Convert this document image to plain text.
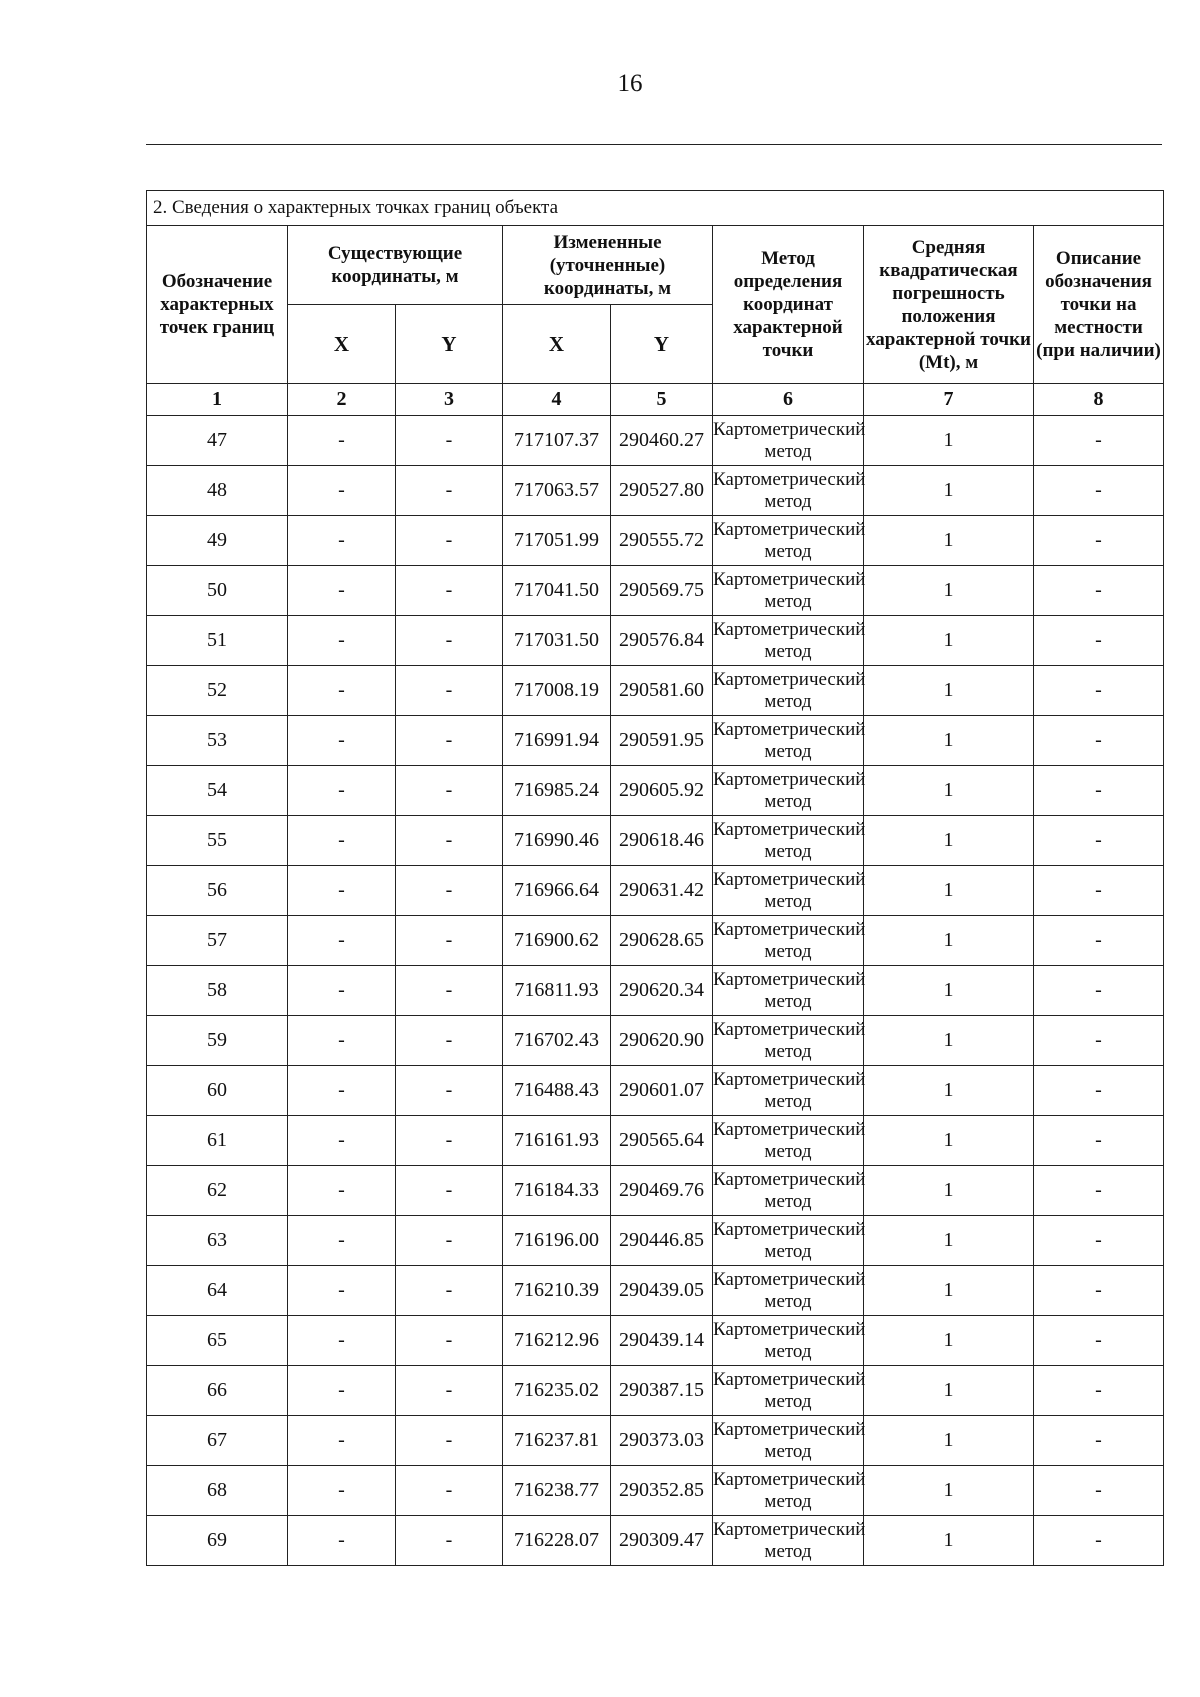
16
2. Сведения о характерных точках границ объекта							
Обозначение характерных точек границ	Существующие координаты, м		Измененные (уточненные) координаты, м		Метод определения координат характерной точки	Средняя квадратическая погрешность положения характерной точки (Mt), м	Описание обозначения точки на местности (при наличии)
	X	Y	X	Y			
1	2	3	4	5	6	7	8
47	-	-	717107.37	290460.27	Картометрический метод	1	-
48	-	-	717063.57	290527.80	Картометрический метод	1	-
49	-	-	717051.99	290555.72	Картометрический метод	1	-
50	-	-	717041.50	290569.75	Картометрический метод	1	-
51	-	-	717031.50	290576.84	Картометрический метод	1	-
52	-	-	717008.19	290581.60	Картометрический метод	1	-
53	-	-	716991.94	290591.95	Картометрический метод	1	-
54	-	-	716985.24	290605.92	Картометрический метод	1	-
55	-	-	716990.46	290618.46	Картометрический метод	1	-
56	-	-	716966.64	290631.42	Картометрический метод	1	-
57	-	-	716900.62	290628.65	Картометрический метод	1	-
58	-	-	716811.93	290620.34	Картометрический метод	1	-
59	-	-	716702.43	290620.90	Картометрический метод	1	-
60	-	-	716488.43	290601.07	Картометрический метод	1	-
61	-	-	716161.93	290565.64	Картометрический метод	1	-
62	-	-	716184.33	290469.76	Картометрический метод	1	-
63	-	-	716196.00	290446.85	Картометрический метод	1	-
64	-	-	716210.39	290439.05	Картометрический метод	1	-
65	-	-	716212.96	290439.14	Картометрический метод	1	-
66	-	-	716235.02	290387.15	Картометрический метод	1	-
67	-	-	716237.81	290373.03	Картометрический метод	1	-
68	-	-	716238.77	290352.85	Картометрический метод	1	-
69	-	-	716228.07	290309.47	Картометрический метод	1	-
